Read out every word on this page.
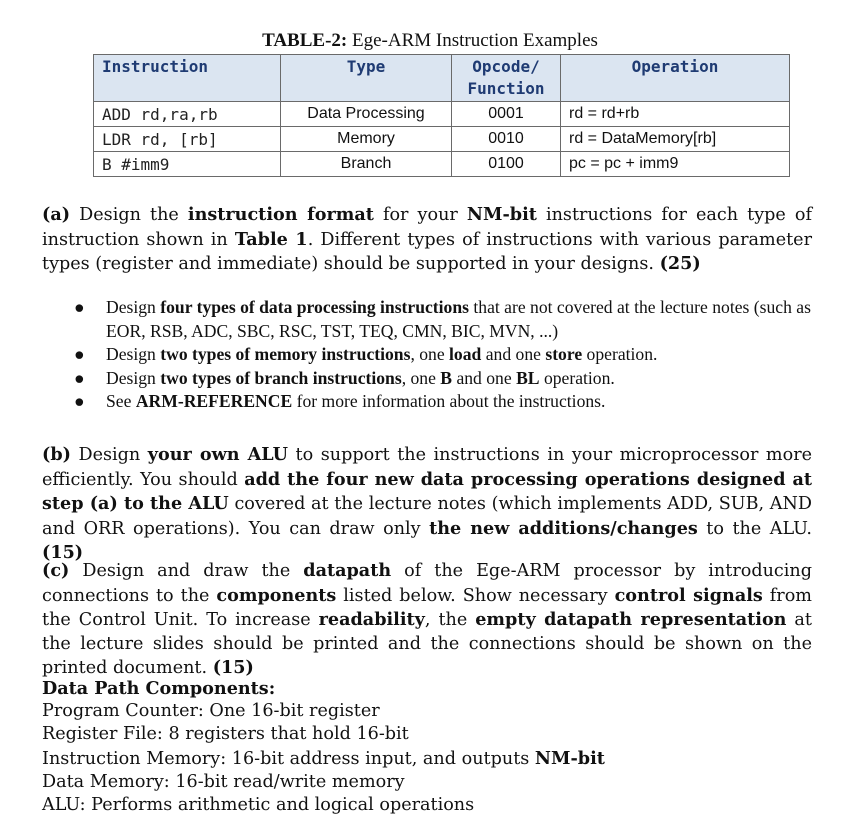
TABLE-2: Ege-ARM Instruction Examples
Instruction	Type	Opcode/	Operation
		Function	
ADD rd,ra,rb	Data Processing	0001	rd = rd+rb
LDR rd, [rb]	Memory	0010	rd = DataMemory[rb]
B #imm9	Branch	0100	pc = pc + imm9
(a) Design the instruction format for your NM-bit instructions for each type of instruction shown in Table 1. Different types of instructions with various parameter types (register and immediate) should be supported in your designs. (25)
● Design four types of data processing instructions that are not covered at the lecture notes (such as EOR, RSB, ADC, SBC, RSC, TST, TEQ, CMN, BIC, MVN, ...)
● Design two types of memory instructions, one load and one store operation.
● Design two types of branch instructions, one B and one BL operation.
● See ARM-REFERENCE for more information about the instructions.
(b) Design your own ALU to support the instructions in your microprocessor more efficiently. You should add the four new data processing operations designed at step (a) to the ALU covered at the lecture notes (which implements ADD, SUB, AND and ORR operations). You can draw only the new additions/changes to the ALU. (15)
(c) Design and draw the datapath of the Ege-ARM processor by introducing connections to the components listed below. Show necessary control signals from the Control Unit. To increase readability, the empty datapath representation at the lecture slides should be printed and the connections should be shown on the printed document. (15)
Data Path Components:
Program Counter: One 16-bit register
Register File: 8 registers that hold 16-bit
Instruction Memory: 16-bit address input, and outputs NM-bit
Data Memory: 16-bit read/write memory
ALU: Performs arithmetic and logical operations
